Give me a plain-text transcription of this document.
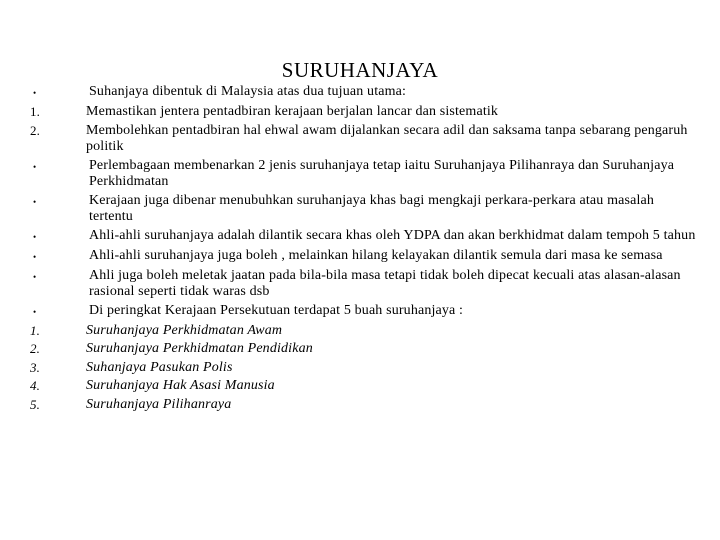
SURUHANJAYA
•	Suhanjaya dibentuk di Malaysia atas dua tujuan utama:
1.	Memastikan jentera pentadbiran kerajaan berjalan lancar dan sistematik
2.	Membolehkan pentadbiran hal ehwal awam dijalankan secara adil dan saksama tanpa sebarang pengaruh politik
•	Perlembagaan membenarkan 2 jenis suruhanjaya tetap iaitu Suruhanjaya Pilihanraya dan Suruhanjaya Perkhidmatan
•	Kerajaan juga dibenar menubuhkan suruhanjaya khas bagi mengkaji perkara-perkara atau masalah tertentu
•	Ahli-ahli suruhanjaya adalah dilantik secara khas oleh YDPA dan akan berkhidmat dalam tempoh 5 tahun
•	Ahli-ahli suruhanjaya juga boleh , melainkan hilang kelayakan dilantik semula dari masa ke semasa
•	Ahli juga boleh meletak jaatan pada bila-bila masa tetapi tidak boleh dipecat kecuali atas alasan-alasan rasional seperti tidak waras dsb
•	Di peringkat Kerajaan Persekutuan terdapat 5 buah suruhanjaya :
1.	Suruhanjaya Perkhidmatan Awam
2.	Suruhanjaya Perkhidmatan Pendidikan
3.	Suhanjaya Pasukan Polis
4.	Suruhanjaya Hak Asasi Manusia
5.	Suruhanjaya Pilihanraya
